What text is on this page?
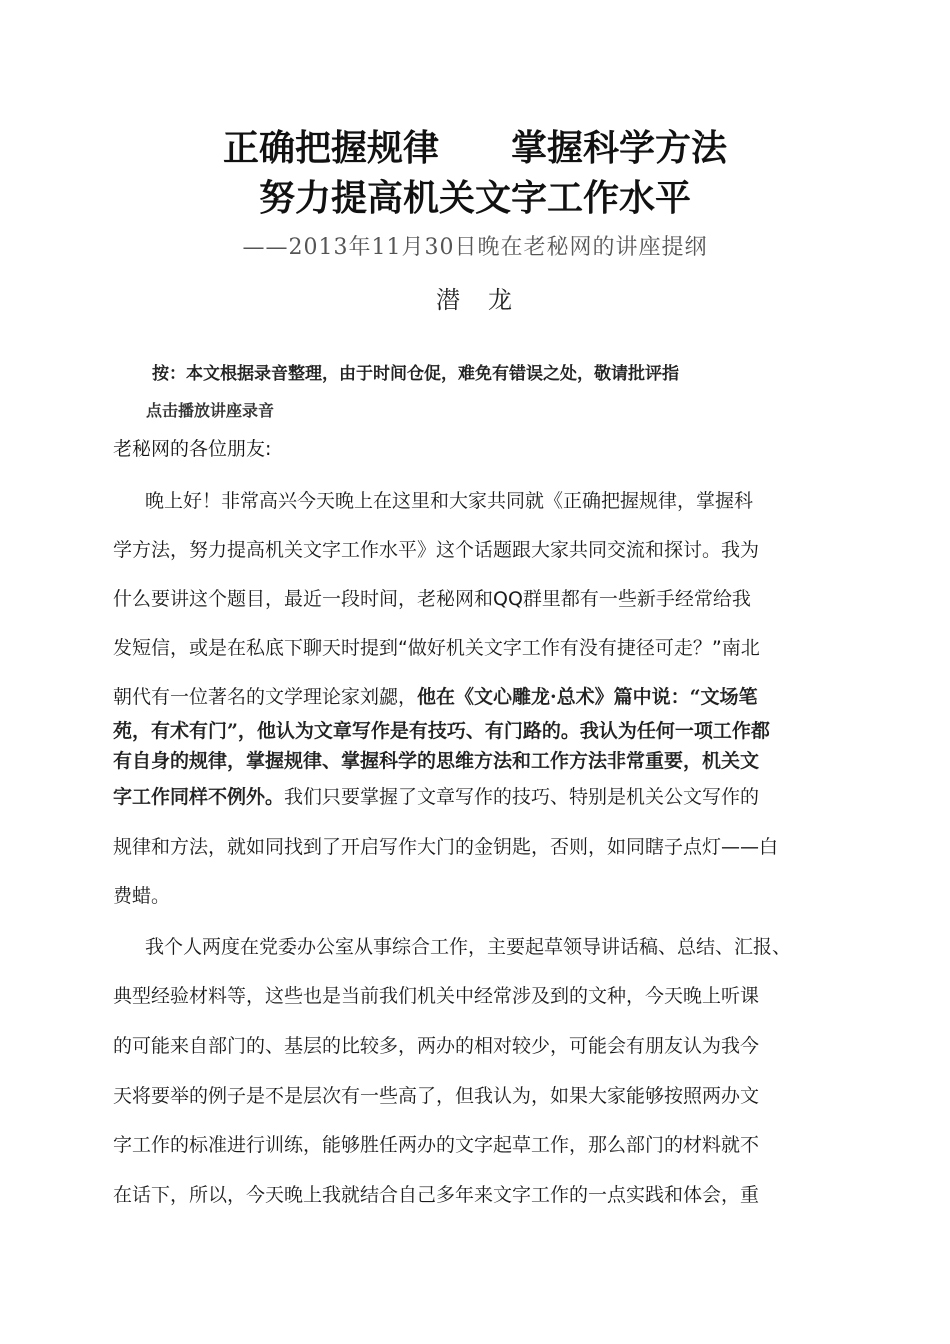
正确把握规律　　掌握科学方法
努力提高机关文字工作水平
——2013年11月30日晚在老秘网的讲座提纲
潜　龙
按：本文根据录音整理，由于时间仓促，难免有错误之处，敬请批评指
点击播放讲座录音
老秘网的各位朋友:
晚上好！非常高兴今天晚上在这里和大家共同就《正确把握规律，掌握科
学方法，努力提高机关文字工作水平》这个话题跟大家共同交流和探讨。我为
什么要讲这个题目，最近一段时间，老秘网和QQ群里都有一些新手经常给我
发短信，或是在私底下聊天时提到“做好机关文字工作有没有捷径可走？”南北
朝代有一位著名的文学理论家刘勰，他在《文心雕龙·总术》篇中说：“文场笔
苑，有术有门”，他认为文章写作是有技巧、有门路的。我认为任何一项工作都
有自身的规律，掌握规律、掌握科学的思维方法和工作方法非常重要，机关文
字工作同样不例外。我们只要掌握了文章写作的技巧、特别是机关公文写作的
规律和方法，就如同找到了开启写作大门的金钥匙，否则，如同瞎子点灯——白
费蜡。
我个人两度在党委办公室从事综合工作，主要起草领导讲话稿、总结、汇报、
典型经验材料等，这些也是当前我们机关中经常涉及到的文种，今天晚上听课
的可能来自部门的、基层的比较多，两办的相对较少，可能会有朋友认为我今
天将要举的例子是不是层次有一些高了，但我认为，如果大家能够按照两办文
字工作的标准进行训练，能够胜任两办的文字起草工作，那么部门的材料就不
在话下，所以，今天晚上我就结合自己多年来文字工作的一点实践和体会，重
